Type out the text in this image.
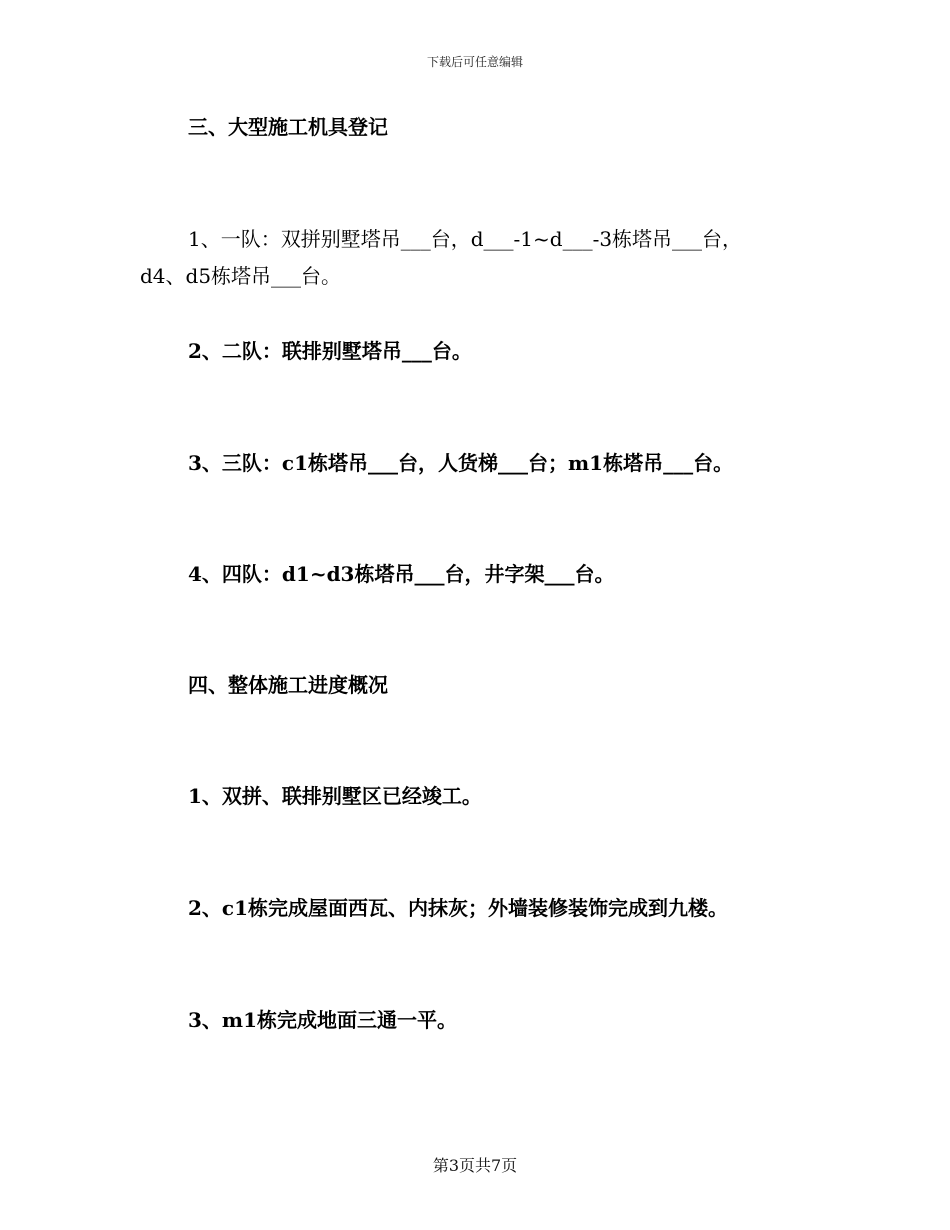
下载后可任意编辑
三、大型施工机具登记
1、一队：双拼别墅塔吊___台，d___-1~d___-3栋塔吊___台，
d4、d5栋塔吊___台。
2、二队：联排别墅塔吊___台。
3、三队：c1栋塔吊___台，人货梯___台；m1栋塔吊___台。
4、四队：d1~d3栋塔吊___台，井字架___台。
四、整体施工进度概况
1、双拼、联排别墅区已经竣工。
2、c1栋完成屋面西瓦、内抹灰；外墙装修装饰完成到九楼。
3、m1栋完成地面三通一平。
第3页共7页
